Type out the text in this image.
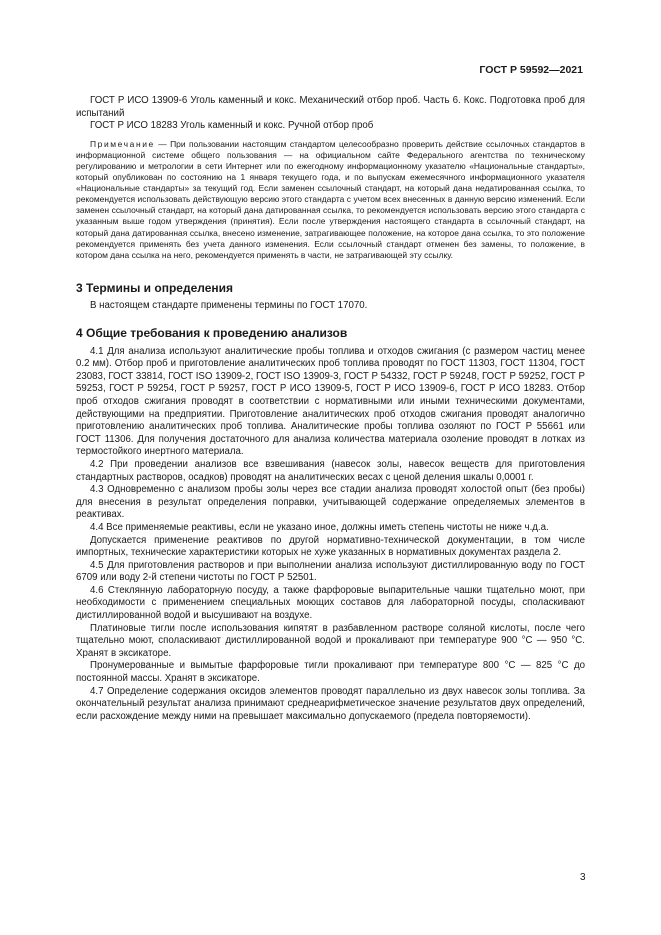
ГОСТ Р 59592—2021

ГОСТ Р ИСО 13909-6 Уголь каменный и кокс. Механический отбор проб. Часть 6. Кокс. Подготовка проб для испытаний

ГОСТ Р ИСО 18283 Уголь каменный и кокс. Ручной отбор проб

Примечание — При пользовании настоящим стандартом целесообразно проверить действие ссылочных стандартов в информационной системе общего пользования — на официальном сайте Федерального агентства по техническому регулированию и метрологии в сети Интернет или по ежегодному информационному указателю «Национальные стандарты», который опубликован по состоянию на 1 января текущего года, и по выпускам ежемесячного информационного указателя «Национальные стандарты» за текущий год. Если заменен ссылочный стандарт, на который дана недатированная ссылка, то рекомендуется использовать действующую версию этого стандарта с учетом всех внесенных в данную версию изменений. Если заменен ссылочный стандарт, на который дана датированная ссылка, то рекомендуется использовать версию этого стандарта с указанным выше годом утверждения (принятия). Если после утверждения настоящего стандарта в ссылочный стандарт, на который дана датированная ссылка, внесено изменение, затрагивающее положение, на которое дана ссылка, то это положение рекомендуется применять без учета данного изменения. Если ссылочный стандарт отменен без замены, то положение, в котором дана ссылка на него, рекомендуется применять в части, не затрагивающей эту ссылку.

3 Термины и определения

В настоящем стандарте применены термины по ГОСТ 17070.

4 Общие требования к проведению анализов

4.1 Для анализа используют аналитические пробы топлива и отходов сжигания (с размером частиц менее 0.2 мм). Отбор проб и приготовление аналитических проб топлива проводят по ГОСТ 11303, ГОСТ 11304, ГОСТ 23083, ГОСТ 33814, ГОСТ ISO 13909-2, ГОСТ ISO 13909-3, ГОСТ Р 54332, ГОСТ Р 59248, ГОСТ Р 59252, ГОСТ Р 59253, ГОСТ Р 59254, ГОСТ Р 59257, ГОСТ Р ИСО 13909-5, ГОСТ Р ИСО 13909-6, ГОСТ Р ИСО 18283. Отбор проб отходов сжигания проводят в соответствии с нормативными или иными техническими документами, действующими на предприятии. Приготовление аналитических проб отходов сжигания проводят аналогично приготовлению аналитических проб топлива. Аналитические пробы топлива озоляют по ГОСТ Р 55661 или ГОСТ 11306. Для получения достаточного для анализа количества материала озоление проводят в лотках из термостойкого инертного материала.

4.2 При проведении анализов все взвешивания (навесок золы, навесок веществ для приготовления стандартных растворов, осадков) проводят на аналитических весах с ценой деления шкалы 0,0001 г.

4.3 Одновременно с анализом пробы золы через все стадии анализа проводят холостой опыт (без пробы) для внесения в результат определения поправки, учитывающей содержание определяемых элементов в реактивах.

4.4 Все применяемые реактивы, если не указано иное, должны иметь степень чистоты не ниже ч.д.а.

Допускается применение реактивов по другой нормативно-технической документации, в том числе импортных, технические характеристики которых не хуже указанных в нормативных документах раздела 2.

4.5 Для приготовления растворов и при выполнении анализа используют дистиллированную воду по ГОСТ 6709 или воду 2-й степени чистоты по ГОСТ Р 52501.

4.6 Стеклянную лабораторную посуду, а также фарфоровые выпарительные чашки тщательно моют, при необходимости с применением специальных моющих составов для лабораторной посуды, споласкивают дистиллированной водой и высушивают на воздухе.

Платиновые тигли после использования кипятят в разбавленном растворе соляной кислоты, после чего тщательно моют, споласкивают дистиллированной водой и прокаливают при температуре 900 °С — 950 °С. Хранят в эксикаторе.

Пронумерованные и вымытые фарфоровые тигли прокаливают при температуре 800 °С — 825 °С до постоянной массы. Хранят в эксикаторе.

4.7 Определение содержания оксидов элементов проводят параллельно из двух навесок золы топлива. За окончательный результат анализа принимают среднеарифметическое значение результатов двух определений, если расхождение между ними на превышает максимально допускаемого (предела повторяемости).

3
